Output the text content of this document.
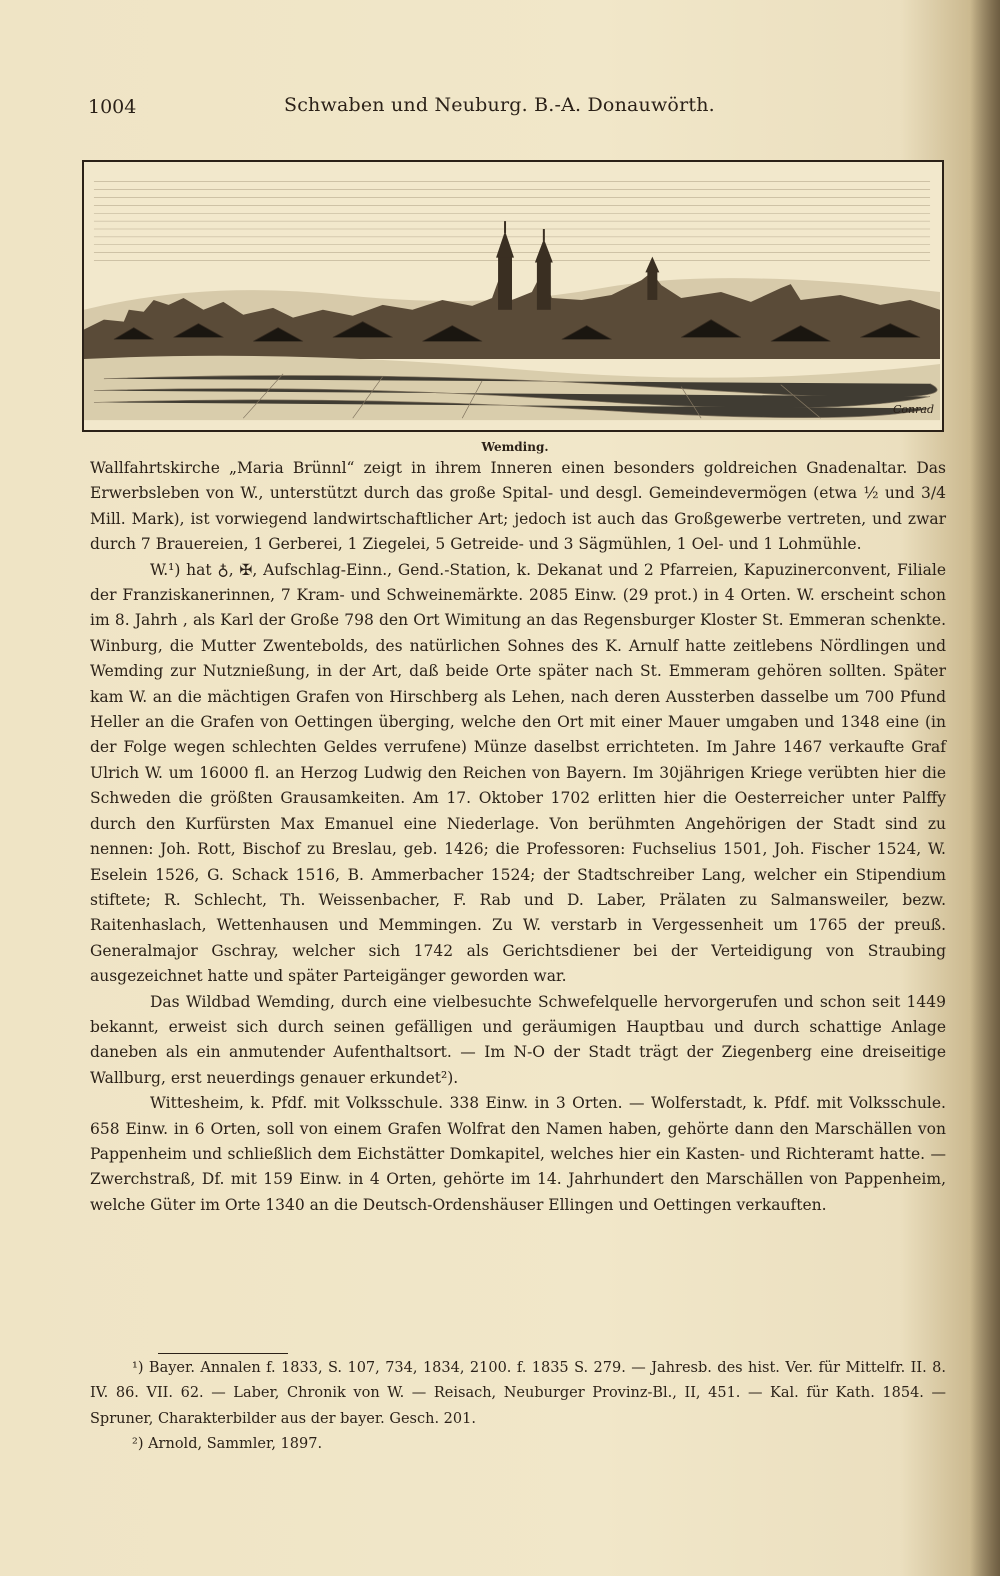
1004	Schwaben und Neuburg. B.-A. Donauwörth.
Conrad
Wemding.

Wallfahrtskirche „Maria Brünnl“ zeigt in ihrem Inneren einen besonders goldreichen Gnadenaltar. Das Erwerbsleben von W., unterstützt durch das große Spital- und desgl. Gemeindevermögen (etwa ½ und 3/4 Mill. Mark), ist vorwiegend landwirtschaftlicher Art; jedoch ist auch das Großgewerbe vertreten, und zwar durch 7 Brauereien, 1 Gerberei, 1 Ziegelei, 5 Getreide- und 3 Sägmühlen, 1 Oel- und 1 Lohmühle.

W.¹) hat ♁, ✠, Aufschlag-Einn., Gend.-Station, k. Dekanat und 2 Pfarreien, Kapuzinerconvent, Filiale der Franziskanerinnen, 7 Kram- und Schweinemärkte. 2085 Einw. (29 prot.) in 4 Orten. W. erscheint schon im 8. Jahrh , als Karl der Große 798 den Ort Wimitung an das Regensburger Kloster St. Emmeran schenkte. Winburg, die Mutter Zwentebolds, des natürlichen Sohnes des K. Arnulf hatte zeitlebens Nördlingen und Wemding zur Nutznießung, in der Art, daß beide Orte später nach St. Emmeram gehören sollten. Später kam W. an die mächtigen Grafen von Hirschberg als Lehen, nach deren Aussterben dasselbe um 700 Pfund Heller an die Grafen von Oettingen überging, welche den Ort mit einer Mauer umgaben und 1348 eine (in der Folge wegen schlechten Geldes verrufene) Münze daselbst errichteten. Im Jahre 1467 verkaufte Graf Ulrich W. um 16000 fl. an Herzog Ludwig den Reichen von Bayern. Im 30jährigen Kriege verübten hier die Schweden die größten Grausamkeiten. Am 17. Oktober 1702 erlitten hier die Oesterreicher unter Palffy durch den Kurfürsten Max Emanuel eine Niederlage. Von berühmten Angehörigen der Stadt sind zu nennen: Joh. Rott, Bischof zu Breslau, geb. 1426; die Professoren: Fuchselius 1501, Joh. Fischer 1524, W. Eselein 1526, G. Schack 1516, B. Ammerbacher 1524; der Stadtschreiber Lang, welcher ein Stipendium stiftete; R. Schlecht, Th. Weissenbacher, F. Rab und D. Laber, Prälaten zu Salmansweiler, bezw. Raitenhaslach, Wettenhausen und Memmingen. Zu W. verstarb in Vergessenheit um 1765 der preuß. Generalmajor Gschray, welcher sich 1742 als Gerichtsdiener bei der Verteidigung von Straubing ausgezeichnet hatte und später Parteigänger geworden war.

Das Wildbad Wemding, durch eine vielbesuchte Schwefelquelle hervorgerufen und schon seit 1449 bekannt, erweist sich durch seinen gefälligen und geräumigen Hauptbau und durch schattige Anlage daneben als ein anmutender Aufenthaltsort. — Im N-O der Stadt trägt der Ziegenberg eine dreiseitige Wallburg, erst neuerdings genauer erkundet²).

Wittesheim, k. Pfdf. mit Volksschule. 338 Einw. in 3 Orten. — Wolferstadt, k. Pfdf. mit Volksschule. 658 Einw. in 6 Orten, soll von einem Grafen Wolfrat den Namen haben, gehörte dann den Marschällen von Pappenheim und schließlich dem Eichstätter Domkapitel, welches hier ein Kasten- und Richteramt hatte. — Zwerchstraß, Df. mit 159 Einw. in 4 Orten, gehörte im 14. Jahrhundert den Marschällen von Pappenheim, welche Güter im Orte 1340 an die Deutsch-Ordenshäuser Ellingen und Oettingen verkauften.

¹) Bayer. Annalen f. 1833, S. 107, 734, 1834, 2100. f. 1835 S. 279. — Jahresb. des hist. Ver. für Mittelfr. II. 8. IV. 86. VII. 62. — Laber, Chronik von W. — Reisach, Neuburger Provinz-Bl., II, 451. — Kal. für Kath. 1854. — Spruner, Charakterbilder aus der bayer. Gesch. 201.

²) Arnold, Sammler, 1897.
